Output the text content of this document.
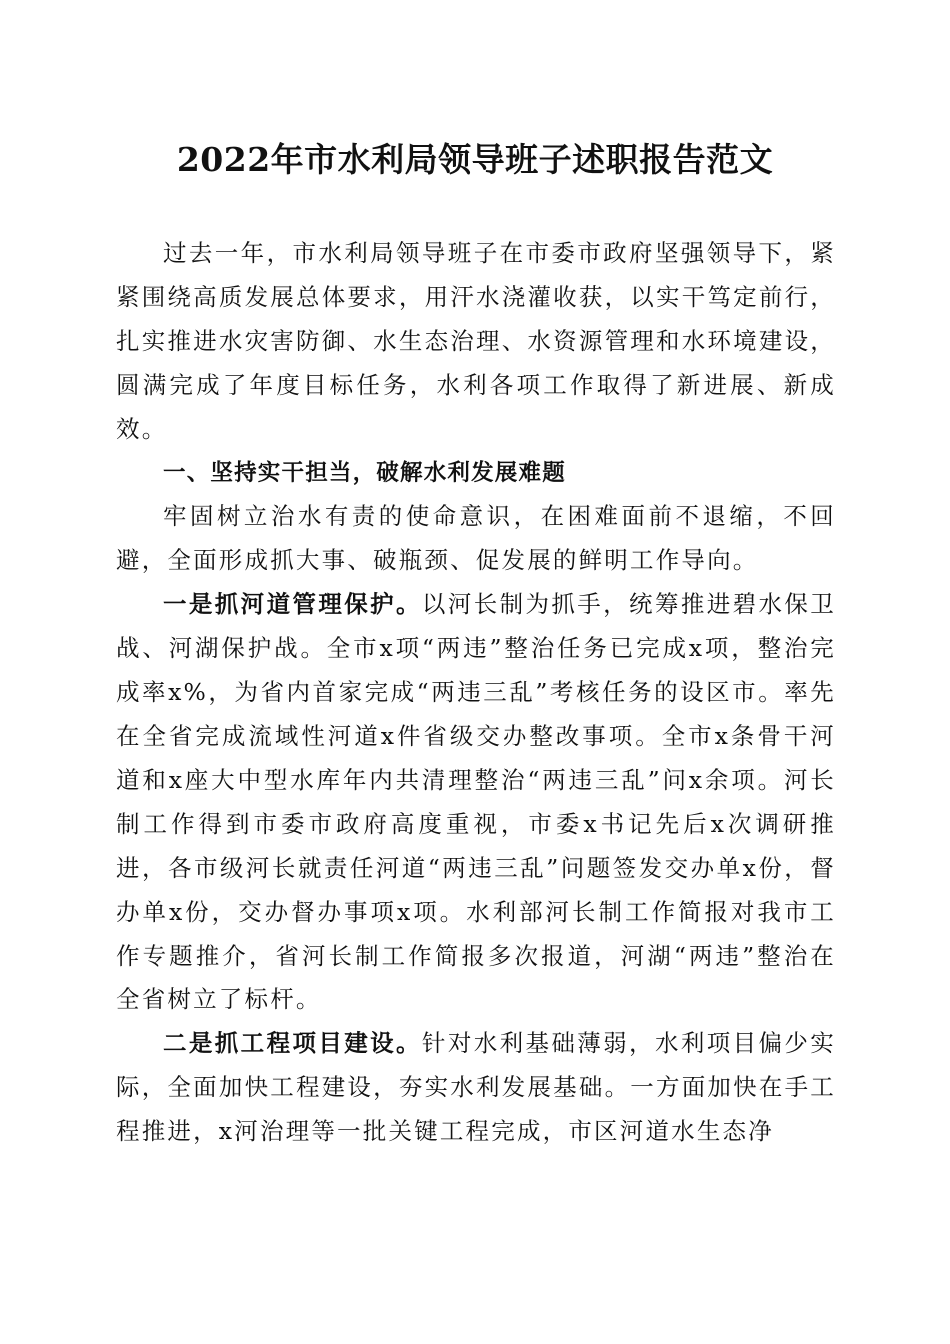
2022年市水利局领导班子述职报告范文

过去一年，市水利局领导班子在市委市政府坚强领导下，紧紧围绕高质发展总体要求，用汗水浇灌收获，以实干笃定前行，扎实推进水灾害防御、水生态治理、水资源管理和水环境建设，圆满完成了年度目标任务，水利各项工作取得了新进展、新成效。

一、坚持实干担当，破解水利发展难题

牢固树立治水有责的使命意识，在困难面前不退缩，不回避，全面形成抓大事、破瓶颈、促发展的鲜明工作导向。

一是抓河道管理保护。以河长制为抓手，统筹推进碧水保卫战、河湖保护战。全市x项“两违”整治任务已完成x项，整治完成率x%，为省内首家完成“两违三乱”考核任务的设区市。率先在全省完成流域性河道x件省级交办整改事项。全市x条骨干河道和x座大中型水库年内共清理整治“两违三乱”问x余项。河长制工作得到市委市政府高度重视，市委x书记先后x次调研推进，各市级河长就责任河道“两违三乱”问题签发交办单x份，督办单x份，交办督办事项x项。水利部河长制工作简报对我市工作专题推介，省河长制工作简报多次报道，河湖“两违”整治在全省树立了标杆。

二是抓工程项目建设。针对水利基础薄弱，水利项目偏少实际，全面加快工程建设，夯实水利发展基础。一方面加快在手工程推进，x河治理等一批关键工程完成，市区河道水生态净
